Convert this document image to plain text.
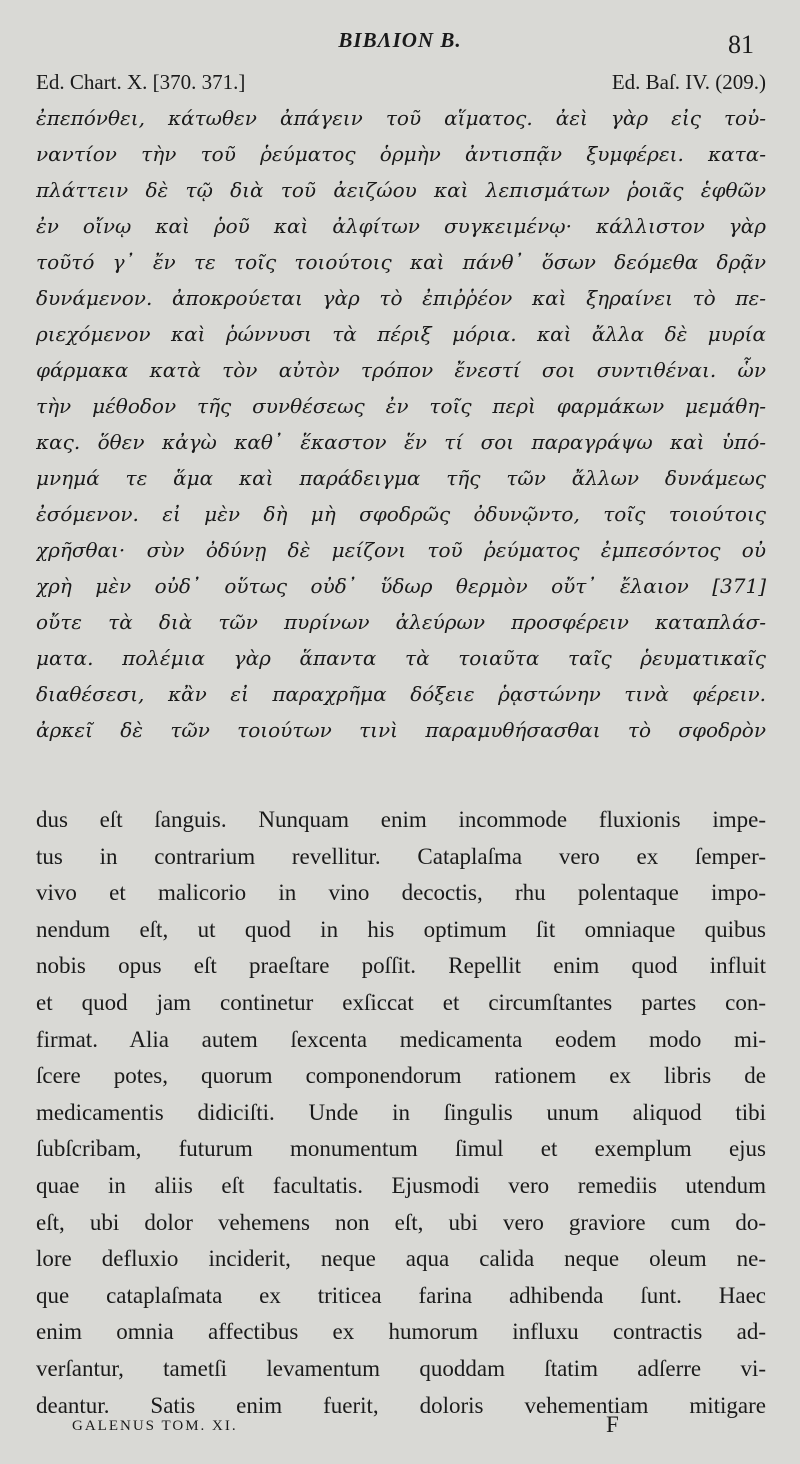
ΒΙΒΛΙΟΝ Β.	81
Ed. Chart. X. [370. 371.]	Ed. Baſ. IV. (209.)
ἐπεπόνθει, κάτωθεν ἀπάγειν τοῦ αἵματος. ἀεὶ γὰρ εἰς τοὐ-
ναντίον τὴν τοῦ ῥεύματος ὁρμὴν ἀντισπᾷν ξυμφέρει. κατα-
πλάττειν δὲ τῷ διὰ τοῦ ἀειζώου καὶ λεπισμάτων ῥοιᾶς ἑφθῶν
ἐν οἴνῳ καὶ ῥοῦ καὶ ἀλφίτων συγκειμένῳ· κάλλιστον γὰρ
τοῦτό γ᾽ ἔν τε τοῖς τοιούτοις καὶ πάνθ᾽ ὅσων δεόμεθα δρᾷν
δυνάμενον. ἀποκρούεται γὰρ τὸ ἐπιῤῥέον καὶ ξηραίνει τὸ πε-
ριεχόμενον καὶ ῥώννυσι τὰ πέριξ μόρια. καὶ ἄλλα δὲ μυρία
φάρμακα κατὰ τὸν αὐτὸν τρόπον ἔνεστί σοι συντιθέναι. ὧν
τὴν μέθοδον τῆς συνθέσεως ἐν τοῖς περὶ φαρμάκων μεμάθη-
κας. ὅθεν κἀγὼ καθ᾽ ἕκαστον ἕν τί σοι παραγράψω καὶ ὑπό-
μνημά τε ἅμα καὶ παράδειγμα τῆς τῶν ἄλλων δυνάμεως
ἐσόμενον. εἰ μὲν δὴ μὴ σφοδρῶς ὀδυνῷντο, τοῖς τοιούτοις
χρῆσθαι· σὺν ὀδύνῃ δὲ μείζονι τοῦ ῥεύματος ἐμπεσόντος οὐ
χρὴ μὲν οὐδ᾽ οὕτως οὐδ᾽ ὕδωρ θερμὸν οὔτ᾽ ἔλαιον [371]
οὔτε τὰ διὰ τῶν πυρίνων ἀλεύρων προσφέρειν καταπλάσ-
ματα. πολέμια γὰρ ἅπαντα τὰ τοιαῦτα ταῖς ῥευματικαῖς
διαθέσεσι, κἂν εἰ παραχρῆμα δόξειε ῥᾳστώνην τινὰ φέρειν.
ἀρκεῖ δὲ τῶν τοιούτων τινὶ παραμυθήσασθαι τὸ σφοδρὸν
dus eſt ſanguis. Nunquam enim incommode fluxionis impe-
tus in contrarium revellitur. Cataplaſma vero ex ſemper-
vivo et malicorio in vino decoctis, rhu polentaque impo-
nendum eſt, ut quod in his optimum ſit omniaque quibus
nobis opus eſt praeſtare poſſit. Repellit enim quod influit
et quod jam continetur exſiccat et circumſtantes partes con-
firmat. Alia autem ſexcenta medicamenta eodem modo mi-
ſcere potes, quorum componendorum rationem ex libris de
medicamentis didiciſti. Unde in ſingulis unum aliquod tibi
ſubſcribam, futurum monumentum ſimul et exemplum ejus
quae in aliis eſt facultatis. Ejusmodi vero remediis utendum
eſt, ubi dolor vehemens non eſt, ubi vero graviore cum do-
lore defluxio inciderit, neque aqua calida neque oleum ne-
que cataplaſmata ex triticea farina adhibenda ſunt. Haec
enim omnia affectibus ex humorum influxu contractis ad-
verſantur, tametſi levamentum quoddam ſtatim adſerre vi-
deantur. Satis enim fuerit, doloris vehementiam mitigare
GALENUS TOM. XI.	F
